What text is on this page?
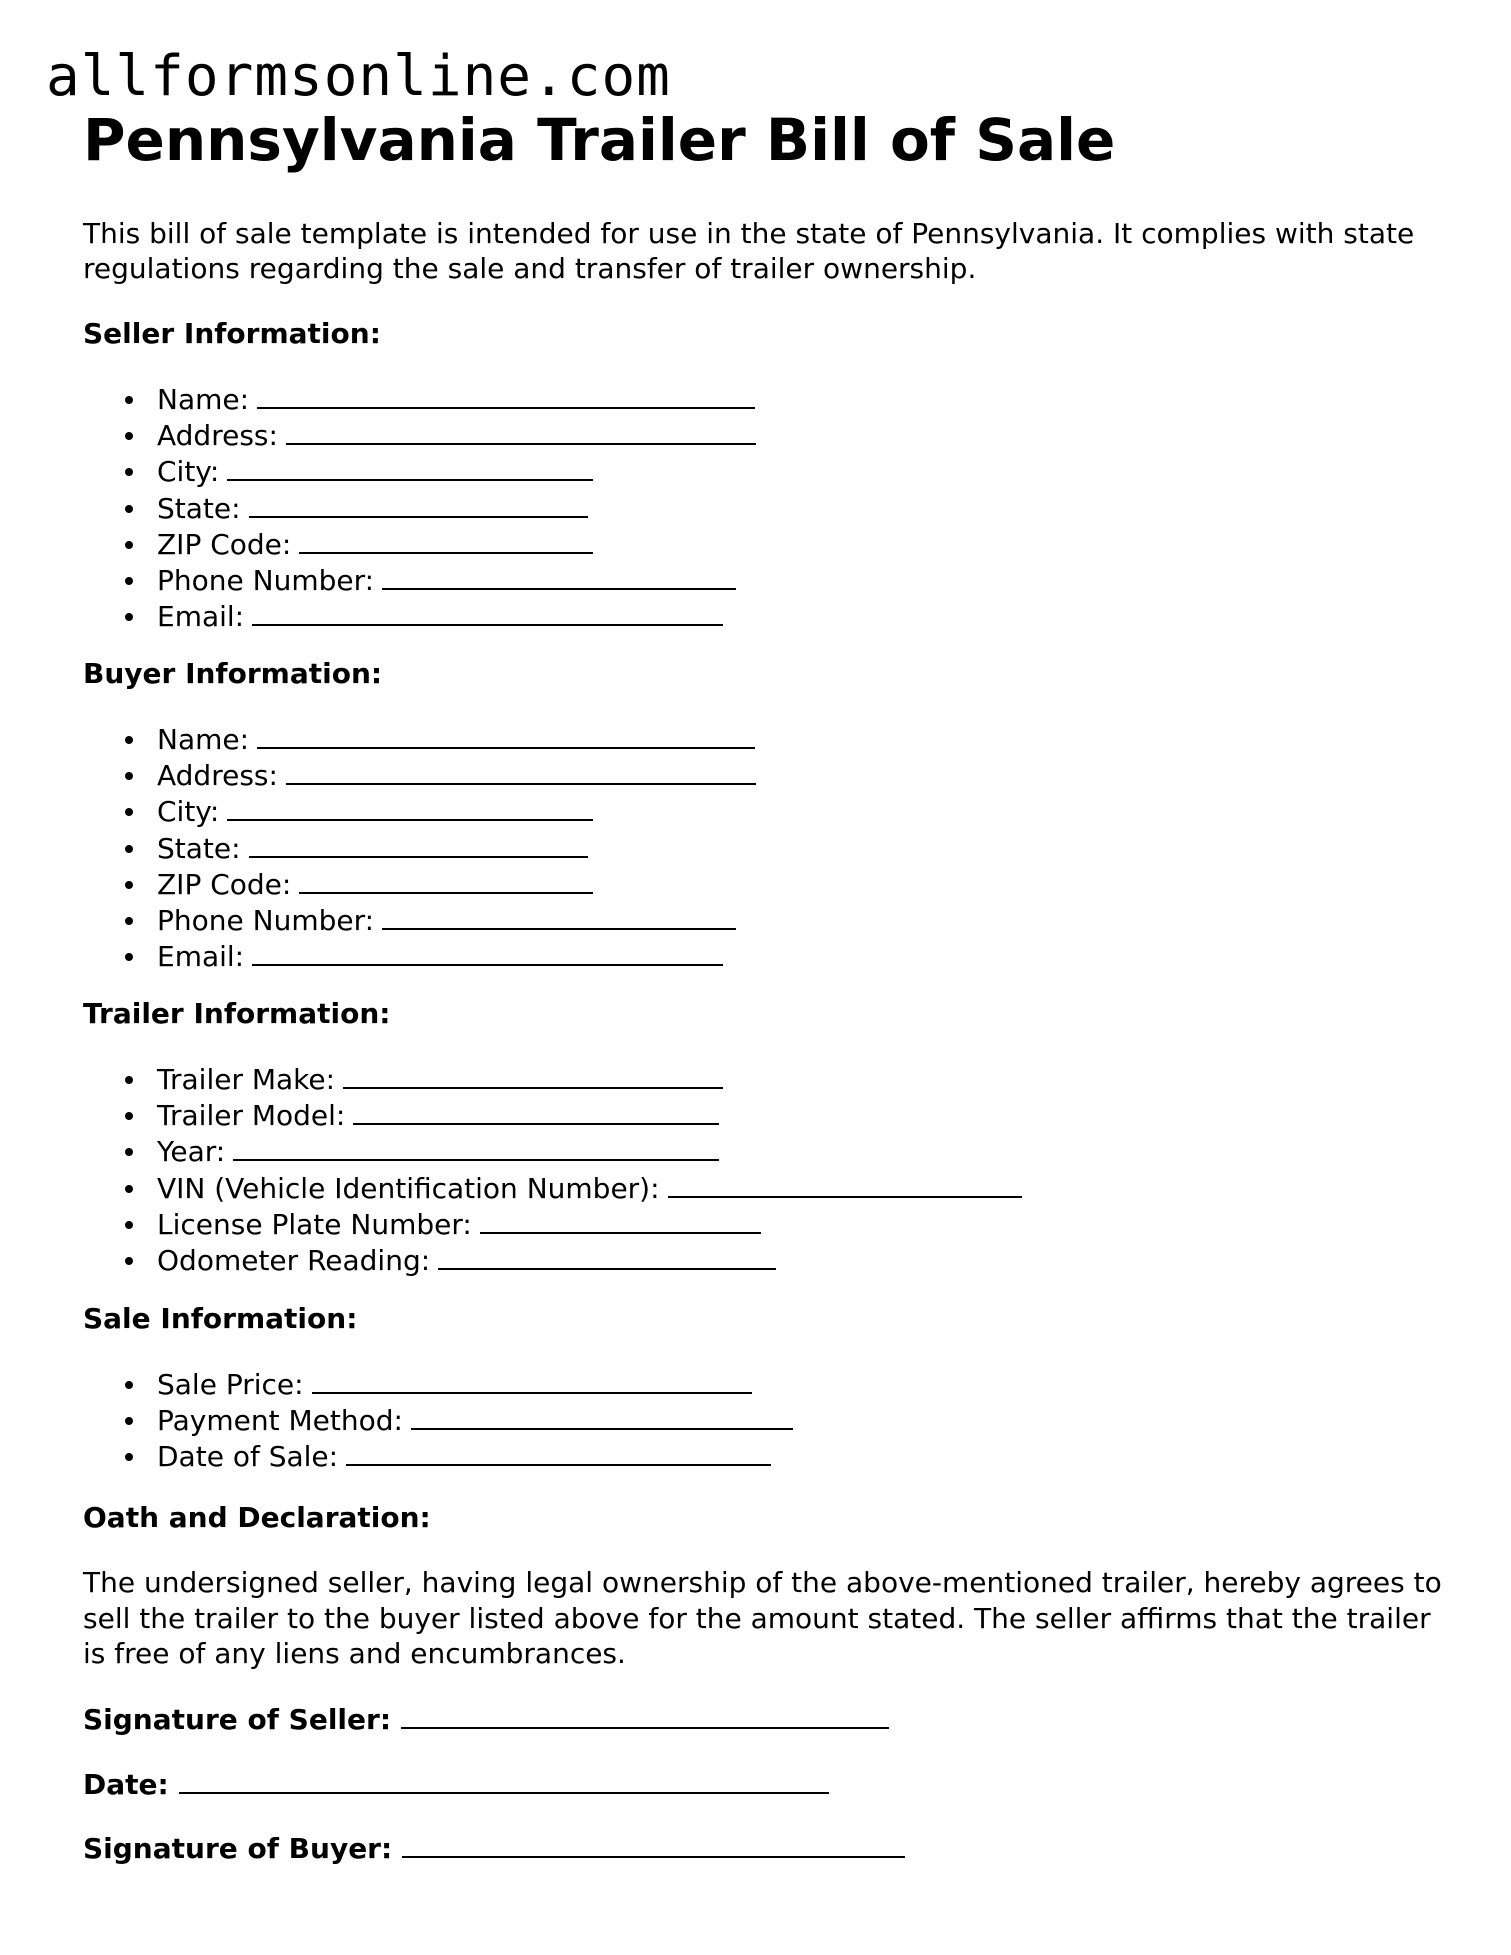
allformsonline.com
Pennsylvania Trailer Bill of Sale

This bill of sale template is intended for use in the state of Pennsylvania. It complies with state regulations regarding the sale and transfer of trailer ownership.

Seller Information:
Name:
Address:
City:
State:
ZIP Code:
Phone Number:
Email:
Buyer Information:
Name:
Address:
City:
State:
ZIP Code:
Phone Number:
Email:
Trailer Information:
Trailer Make:
Trailer Model:
Year:
VIN (Vehicle Identification Number):
License Plate Number:
Odometer Reading:
Sale Information:
Sale Price:
Payment Method:
Date of Sale:
Oath and Declaration:

The undersigned seller, having legal ownership of the above-mentioned trailer, hereby agrees to sell the trailer to the buyer listed above for the amount stated. The seller affirms that the trailer is free of any liens and encumbrances.

Signature of Seller:
Date:
Signature of Buyer:
